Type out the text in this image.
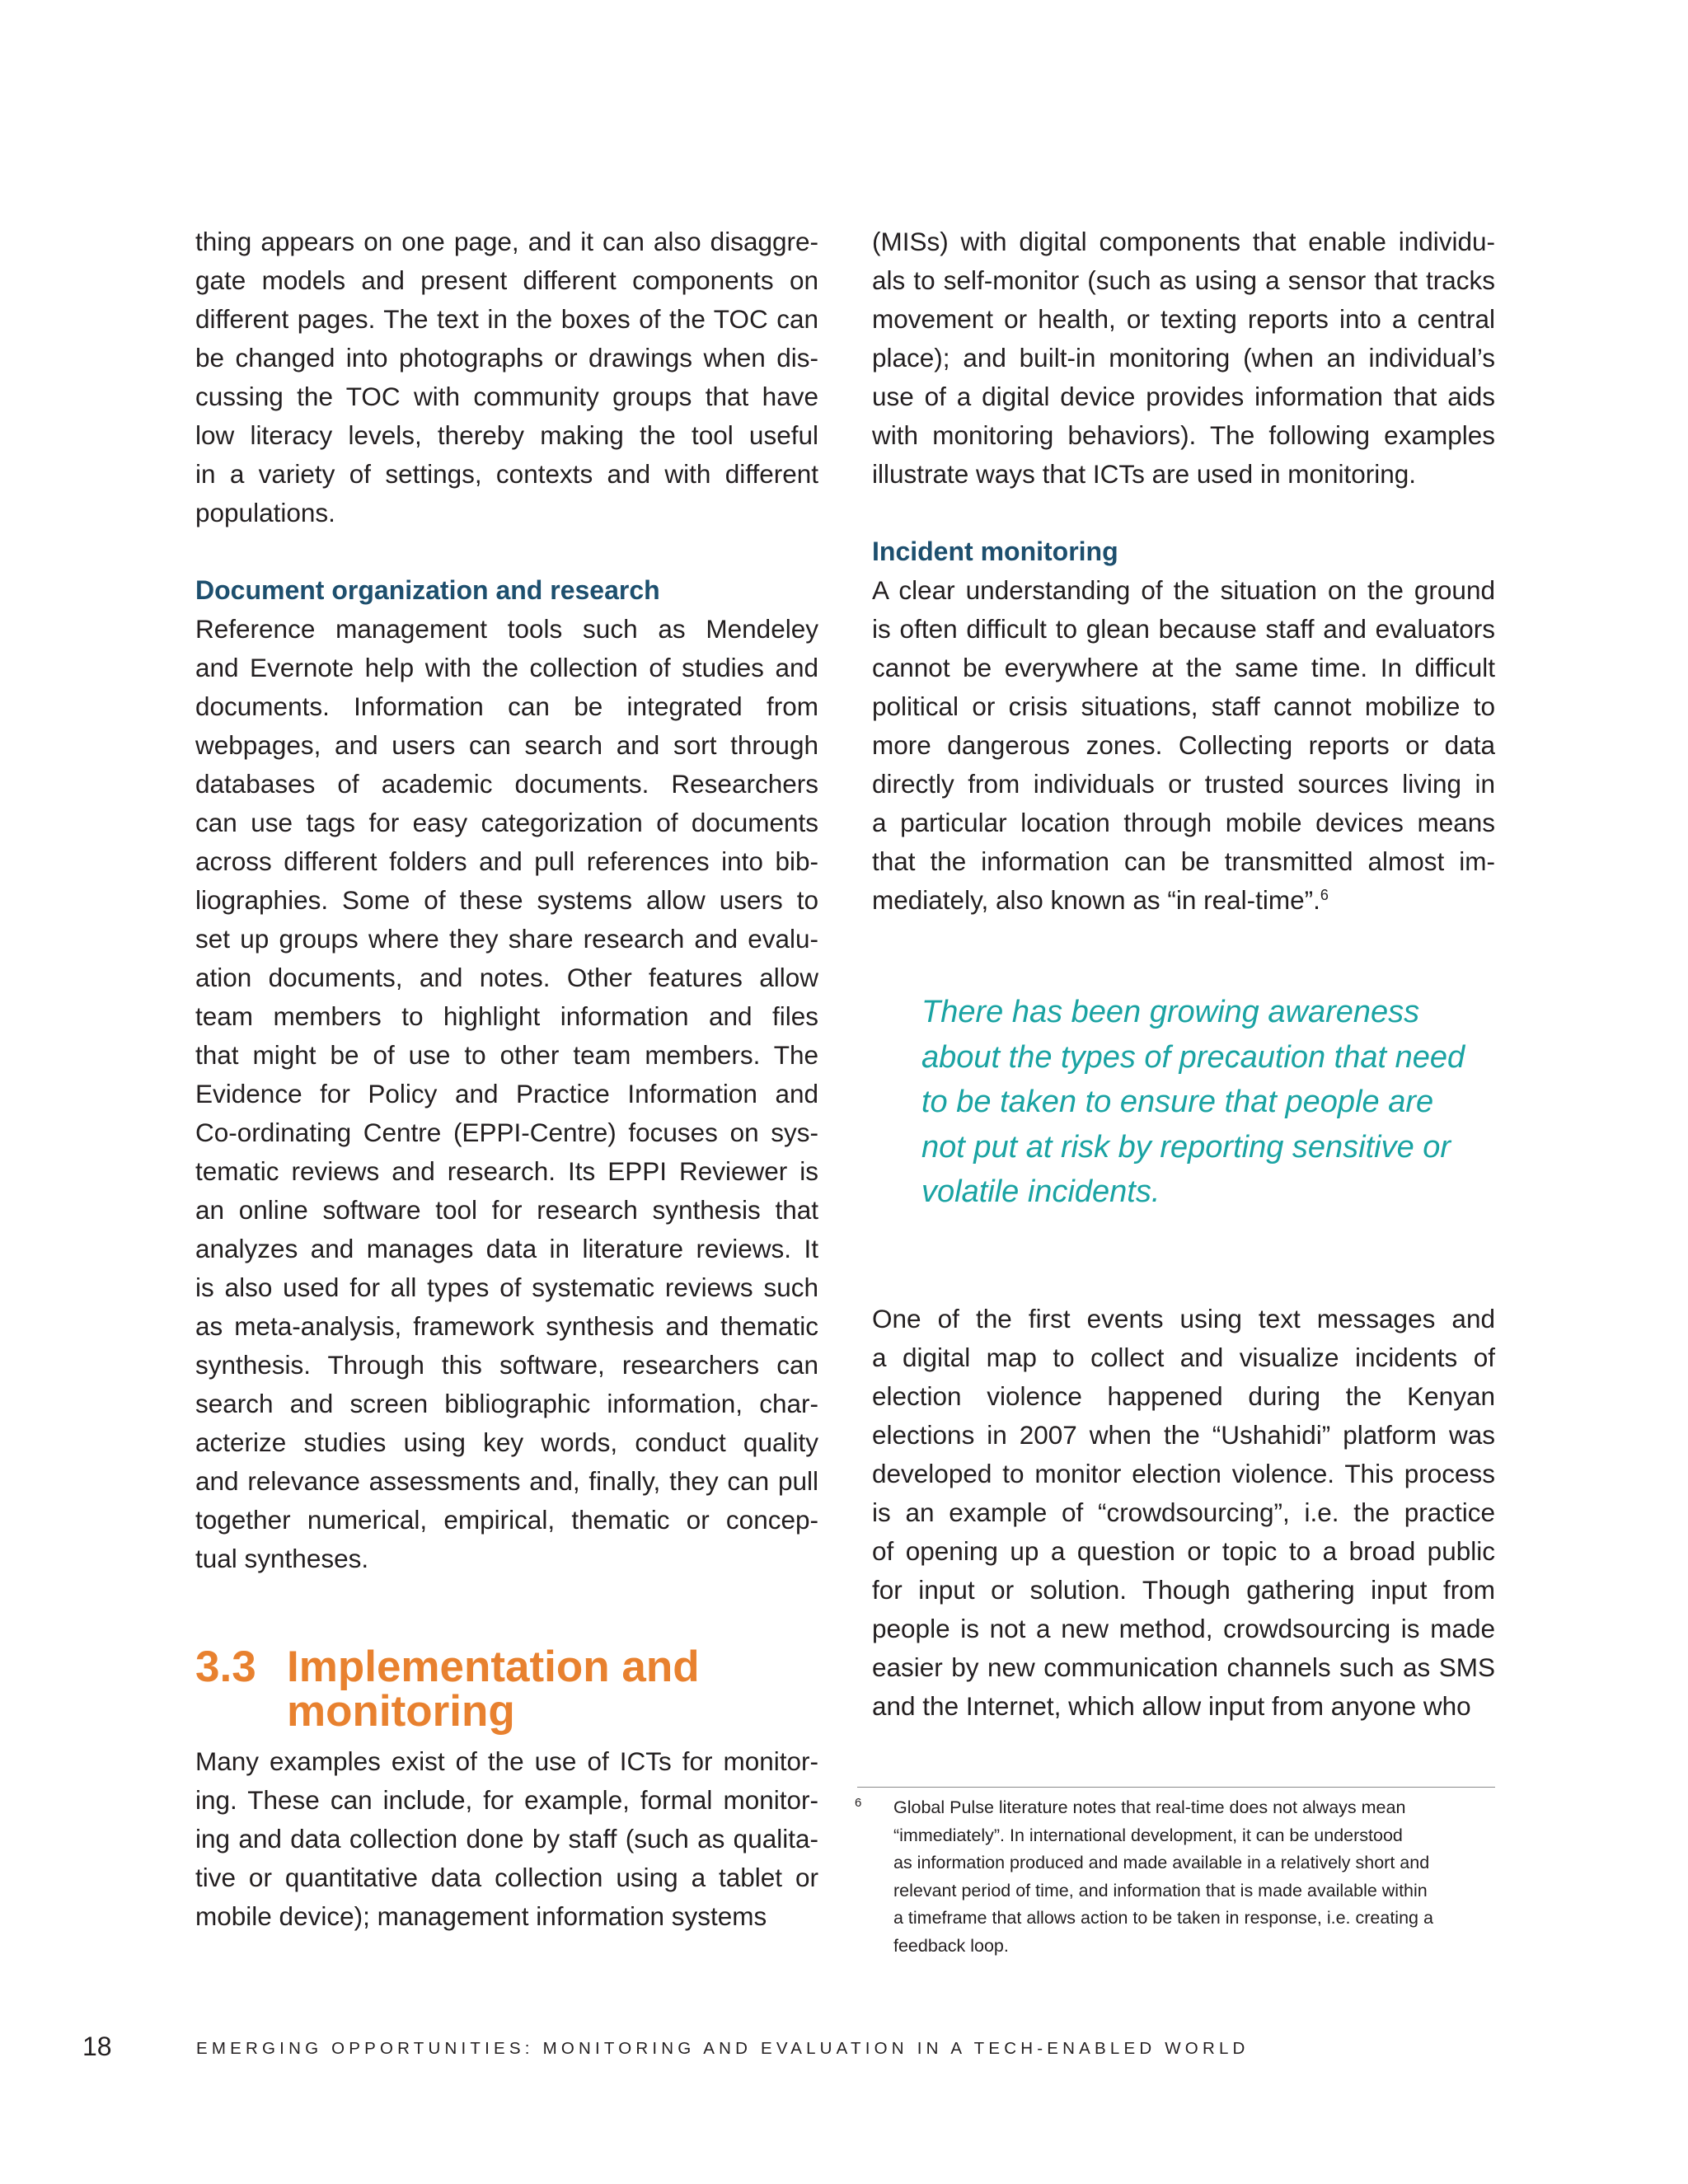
thing appears on one page, and it can also disaggre-
gate models and present different components on
different pages. The text in the boxes of the TOC can
be changed into photographs or drawings when dis-
cussing the TOC with community groups that have
low literacy levels, thereby making the tool useful
in a variety of settings, contexts and with different
populations.

Document organization and research

Reference management tools such as Mendeley
and Evernote help with the collection of studies and
documents. Information can be integrated from
webpages, and users can search and sort through
databases of academic documents. Researchers
can use tags for easy categorization of documents
across different folders and pull references into bib-
liographies. Some of these systems allow users to
set up groups where they share research and evalu-
ation documents, and notes. Other features allow
team members to highlight information and files
that might be of use to other team members. The
Evidence for Policy and Practice Information and
Co-ordinating Centre (EPPI-Centre) focuses on sys-
tematic reviews and research. Its EPPI Reviewer is
an online software tool for research synthesis that
analyzes and manages data in literature reviews. It
is also used for all types of systematic reviews such
as meta-analysis, framework synthesis and thematic
synthesis. Through this software, researchers can
search and screen bibliographic information, char-
acterize studies using key words, conduct quality
and relevance assessments and, finally, they can pull
together numerical, empirical, thematic or concep-
tual syntheses.

3.3 Implementation and
monitoring

Many examples exist of the use of ICTs for monitor-
ing. These can include, for example, formal monitor-
ing and data collection done by staff (such as qualita-
tive or quantitative data collection using a tablet or
mobile device); management information systems

(MISs) with digital components that enable individu-
als to self-monitor (such as using a sensor that tracks
movement or health, or texting reports into a central
place); and built-in monitoring (when an individual’s
use of a digital device provides information that aids
with monitoring behaviors). The following examples
illustrate ways that ICTs are used in monitoring.

Incident monitoring

A clear understanding of the situation on the ground
is often difficult to glean because staff and evaluators
cannot be everywhere at the same time. In difficult
political or crisis situations, staff cannot mobilize to
more dangerous zones. Collecting reports or data
directly from individuals or trusted sources living in
a particular location through mobile devices means
that the information can be transmitted almost im-
mediately, also known as “in real-time”.$^6$

There has been growing awareness
about the types of precaution that need
to be taken to ensure that people are
not put at risk by reporting sensitive or
volatile incidents.

One of the first events using text messages and
a digital map to collect and visualize incidents of
election violence happened during the Kenyan
elections in 2007 when the “Ushahidi” platform was
developed to monitor election violence. This process
is an example of “crowdsourcing”, i.e. the practice
of opening up a question or topic to a broad public
for input or solution. Though gathering input from
people is not a new method, crowdsourcing is made
easier by new communication channels such as SMS
and the Internet, which allow input from anyone who

6 Global Pulse literature notes that real-time does not always mean
“immediately”. In international development, it can be understood
as information produced and made available in a relatively short and
relevant period of time, and information that is made available within
a timeframe that allows action to be taken in response, i.e. creating a
feedback loop.
18	EMERGING OPPORTUNITIES: MONITORING AND EVALUATION IN A TECH-ENABLED WORLD
